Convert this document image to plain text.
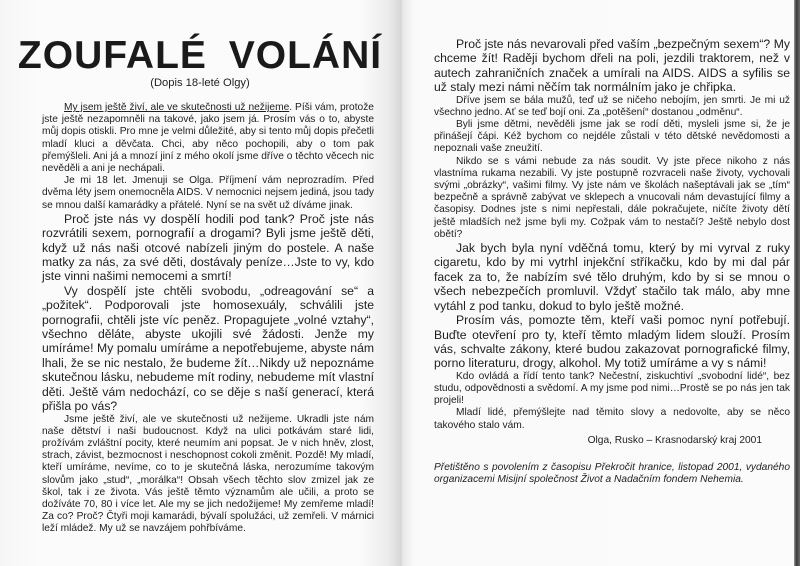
ZOUFALÉ VOLÁNÍ
(Dopis 18-leté Olgy)

My jsem ještě živí, ale ve skutečnosti už nežijeme. Píši vám, protože jste ještě nezapomněli na takové, jako jsem já. Prosím vás o to, abyste můj dopis otiskli. Pro mne je velmi důležité, aby si tento můj dopis přečetli mladí kluci a děvčata. Chci, aby něco pochopili, aby o tom pak přemýšleli. Ani já a mnozí jiní z mého okolí jsme dříve o těchto věcech nic nevěděli a ani je nechápali.

Je mi 18 let. Jmenuji se Olga. Příjmení vám neprozradím. Před dvěma léty jsem onemocněla AIDS. V nemocnici nejsem jediná, jsou tady se mnou další kamarádky a přátelé. Nyní se na svět už díváme jinak.

Proč jste nás vy dospělí hodili pod tank? Proč jste nás rozvrátili sexem, pornografií a drogami? Byli jsme ještě děti, když už nás naši otcové nabízeli jiným do postele. A naše matky za nás, za své děti, dostávaly peníze…Jste to vy, kdo jste vinni našimi nemocemi a smrtí!

Vy dospělí jste chtěli svobodu, „odreagování se“ a „požitek“. Podporovali jste homosexuály, schválili jste pornografii, chtěli jste víc peněz. Propagujete „volné vztahy“, všechno děláte, abyste ukojili své žádosti. Jenže my umíráme! My pomalu umíráme a nepotřebujeme, abyste nám lhali, že se nic nestalo, že budeme žít…Nikdy už nepoznáme skutečnou lásku, nebudeme mít rodiny, nebudeme mít vlastní děti. Ještě vám nedochází, co se děje s naší generací, která přišla po vás?

Jsme ještě živí, ale ve skutečnosti už nežijeme. Ukradli jste nám naše dětství i naši budoucnost. Když na ulici potkávám staré lidi, prožívám zvláštní pocity, které neumím ani popsat. Je v nich hněv, zlost, strach, závist, bezmocnost i neschopnost cokoli změnit. Pozdě! My mladí, kteří umíráme, nevíme, co to je skutečná láska, nerozumíme takovým slovům jako „stud“, „morálka“! Obsah všech těchto slov zmizel jak ze škol, tak i ze života. Vás ještě těmto významům ale učili, a proto se dožíváte 70, 80 i více let. Ale my se jich nedožijeme! My zemřeme mladí! Za co? Proč? Čtyři moji kamarádi, bývalí spolužáci, už zemřeli. V márnici leží mládež. My už se navzájem pohřbíváme.

Proč jste nás nevarovali před vaším „bezpečným sexem“? My chceme žít! Raději bychom dřeli na poli, jezdili traktorem, než v autech zahraničních značek a umírali na AIDS. AIDS a syfilis se už staly mezi námi něčím tak normálním jako je chřipka.

Dříve jsem se bála mužů, teď už se ničeho nebojím, jen smrti. Je mi už všechno jedno. Ať se teď bojí oni. Za „potěšení“ dostanou „odměnu“.

Byli jsme dětmi, nevěděli jsme jak se rodí děti, mysleli jsme si, že je přinášejí čápi. Kéž bychom co nejdéle zůstali v této dětské nevědomosti a nepoznali vaše zneužití.

Nikdo se s vámi nebude za nás soudit. Vy jste přece nikoho z nás vlastníma rukama nezabili. Vy jste postupně rozvraceli naše životy, vychovali svými „obrázky“, vašimi filmy. Vy jste nám ve školách našeptávali jak se „tím“ bezpečně a správně zabývat ve sklepech a vnucovali nám devastující filmy a časopisy. Dodnes jste s nimi nepřestali, dále pokračujete, ničíte životy dětí ještě mladších než jsme byli my. Cožpak vám to nestačí? Ještě nebylo dost obětí?

Jak bych byla nyní vděčná tomu, který by mi vyrval z ruky cigaretu, kdo by mi vytrhl injekční stříkačku, kdo by mi dal pár facek za to, že nabízím své tělo druhým, kdo by si se mnou o všech nebezpečích promluvil. Vždyť stačilo tak málo, aby mne vytáhl z pod tanku, dokud to bylo ještě možné.

Prosím vás, pomozte těm, kteří vaši pomoc nyní potřebují. Buďte otevření pro ty, kteří těmto mladým lidem slouží. Prosím vás, schvalte zákony, které budou zakazovat pornografické filmy, porno literaturu, drogy, alkohol. My totiž umíráme a vy s námi!

Kdo ovládá a řídí tento tank? Nečestní, ziskuchtiví „svobodní lidé“, bez studu, odpovědnosti a svědomí. A my jsme pod nimi…Prostě se po nás jen tak projeli!

Mladí lidé, přemýšlejte nad těmito slovy a nedovolte, aby se něco takového stalo vám.

Olga, Rusko – Krasnodarský kraj 2001

Přetištěno s povolením z časopisu Překročit hranice, listopad 2001, vydaného organizacemi Misijní společnost Život a Nadačním fondem Nehemia.
